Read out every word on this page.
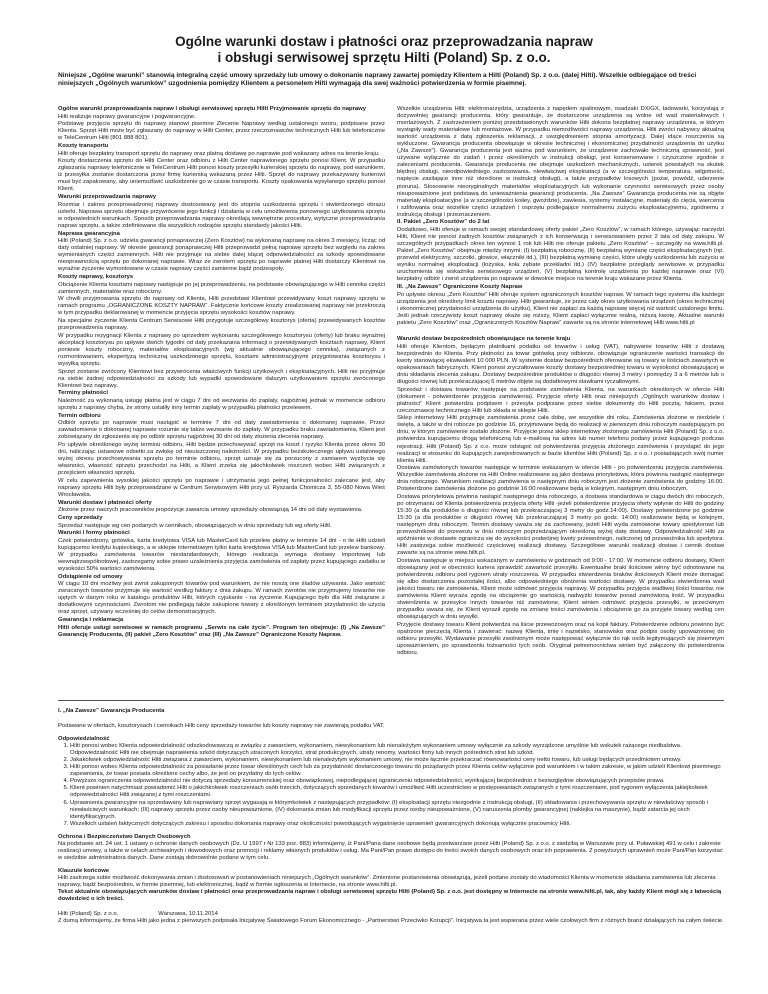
Ogólne warunki dostaw i płatności oraz przeprowadzania napraw
i obsługi serwisowej sprzętu Hilti (Poland) Sp. z o.o.
Niniejsze „Ogólne warunki” stanowią integralną część umowy sprzedaży lub umowy o dokonanie naprawy zawartej pomiędzy Klientem a Hilti (Poland) Sp. z o.o. (dalej Hilti). Wszelkie odbiegające od treści niniejszych „Ogólnych warunków” uzgodnienia pomiędzy Klientem a personelem Hilti wymagają dla swej ważności potwierdzenia w formie pisemnej.

Ogólne warunki przeprowadzania napraw i obsługi serwisowej sprzętu Hilti Przyjmowanie sprzętu do naprawy

Hilti realizuje naprawy gwarancyjne i pogwarancyjne.

Podstawę przyjęcia sprzętu do naprawy stanowi pisemne Zlecenie Naprawy według ustalonego wzoru, podpisane przez Klienta. Sprzęt Hilti może być zgłaszany do naprawy w Hilti Center, przez rzeczoznawców technicznych Hilti lub telefonicznie w TeleCentrum Hilti (801 888 801).

Koszty transportu

Hilti oferuje bezpłatny transport sprzętu do naprawy oraz płatną dostawę po naprawie pod wskazany adres na terenie kraju.

Koszty dostarczenia sprzętu do Hilti Center oraz odbioru z Hilti Center naprawionego sprzętu ponosi Klient. W przypadku zgłaszania naprawy telefonicznie w TeleCentrum Hilti ponosi koszty przesyłki kurierskiej sprzętu do naprawy, pod warunkiem, iż przesyłka zostanie dostarczona przez firmę kurierską wskazaną przez Hilti. Sprzęt do naprawy przekazywany kurierowi musi być zapakowany, aby uniemożliwić uszkodzenie go w czasie transportu. Koszty opakowania wysyłanego sprzętu ponosi Klient.

Warunki przeprowadzania naprawy

Rozmiar i zakres przeprowadzonej naprawy dostosowany jest do stopnia uszkodzenia sprzętu i stwierdzonego obrazu usterki. Naprawa sprzętu obejmuje przywrócenie jego funkcji i działania w celu umożliwienia ponownego użytkowania sprzętu w odpowiednich warunkach. Sposób przeprowadzania naprawy określają wewnętrzne procedury, wytyczne przeprowadzania napraw sprzętu, a także zdefiniowane dla wszystkich rodzajów sprzętu standardy jakości Hilti.

Naprawa gwarancyjna

Hilti (Poland) Sp. z o.o. udziela gwarancji ponaprawczej (Zero Kosztów) na wykonaną naprawę na okres 3 miesięcy, licząc od daty ostatniej naprawy. W okresie gwarancji ponaprawczej Hilti przeprowadzi pełną naprawę sprzętu bez względu na zakres wymienianych części zamiennych. Hilti nie przyjmuje na siebie dalej idącej odpowiedzialności za szkody spowodowane nieoprawnością sprzętu po dokonanej naprawie. Wraz ze zwrotem sprzętu po naprawie platnej Hilti dostarczy Klientowi na wyraźne życzenie wymontowane w czasie naprawy części zamienne bądź podzespoły.

Koszty naprawy, kosztorys

Obciążenie Klienta kosztami naprawy następuje po jej przeprowadzeniu, na podstawie obowiązującego w Hilti cennika części zamiennych, materiałów oraz robocizny.

W chwili przyjmowania sprzętu do naprawy od Klienta, Hilti przedstawi Klientowi przewidywany koszt naprawy sprzętu w ramach programu „OGRANICZONE KOSZTY NAPRAW”. Faktycznie końcowe koszty zrealizowanej naprawy nie przekroczą w tym przypadku deklarowanej w momencie przyjęcia sprzętu wysokości kosztów naprawy.

Na specjalne życzenie Klienta Centrum Serwisowe Hilti przygotuje szczegółowy kosztorys (oferta) przewidywanych kosztów przeprowadzenia naprawy.

W przypadku rezygnacji Klienta z naprawy po uprzednim wykonaniu szczegółowego kosztorysu (oferty) lub braku wyraźnej akceptacji kosztorysu po upływie dwóch tygodni od daty przekazania informacji o przewidywanych kosztach naprawy, Klient poniesie koszty robocizny, materiałów eksploatacyjnych (wg aktualnie obowiązującego cennika), związanych z rozmontowaniem, ekspertyzą techniczną uszkodzonego sprzętu, kosztami administracyjnymi przygotowania kosztorysu i wysyłką sprzętu.

Sprzęt zostanie zwrócony Klientowi bez przywrócenia właściwych funkcji użytkowych i eksploatacyjnych. Hilti nie przyjmuje na siebie żadnej odpowiedzialności za szkody lub wypadki spowodowane dalszym użytkowaniem sprzętu zwróconego Klientowi bez naprawy.

Terminy płatności

Należność za wykonaną usługę płatna jest w ciągu 7 dni od wezwania do zapłaty, najpóźniej jednak w momencie odbioru sprzętu z naprawy chyba, że strony ustaliły inny termin zapłaty w przypadku płatności przelewem.

Termin odbioru

Odbiór sprzętu po naprawie musi nastąpić w terminie 7 dni od daty zawiadomienia o dokonanej naprawie. Przez zawiadomienie o dokonanej naprawie rozumie się także wezwanie do zapłaty. W przypadku braku zawiadomienia, Klient jest zobowiązany do zgłoszenia się po odbiór sprzętu najpóźniej 30 dni od daty złożenia zlecenia naprawy.

Po upływie określonego wyżej terminu odbioru, Hilti będzie przechowywać sprzęt na koszt i ryzyko Klienta przez okres 30 dni, naliczając ustawowe odsetki za zwłokę od nieuiszczonej należności. W przypadku bezskutecznego upływu ustalonego wyżej okresu przechowywania sprzętu po terminie odbioru, sprzęt uznaje się za porzucony z zamiarem wyzbycia się własności, własność sprzętu przechodzi na Hilti, a Klient zrzeka się jakichkolwiek roszczeń wobec Hilti związanych z przejściem własności sprzętu.

W celu zapewnienia wysokiej jakości sprzętu po naprawie i utrzymania jego pełnej funkcjonalności zalecane jest, aby naprawy sprzętu Hilti były przeprowadzane w Centrum Serwisowym Hilti przy ul. Ryszarda Chomicza 3, 55-080 Nowa Wieś Wrocławska.

Warunki dostaw i płatności oferty

Złożone przez naszych pracowników propozycje zawarcia umowy sprzedaży obowiązują 14 dni od daty wystawienia.

Ceny sprzedaży

Sprzedaż następuje wg cen podanych w cennikach, obowiązujących w dniu sprzedaży lub wg oferty Hilti.

Warunki i formy płatności

Czek potwierdzony, gotówka, karta kredytowa VISA lub MasterCard lub przelew płatny w terminie 14 dni - o ile Hilti udzieli kupującemu kredytu kupieckiego, a w sklepie internetowym tylko karta kredytowa VISA lub MasterCard lub przelew bankowy. W przypadku zamówienia towarów niestandardowych, którego realizacja wymaga dostawy importowej lub wewnątrzwspólnotowej, zastrzegamy sobie prawo uzależnienia przyjęcia zamówienia od zapłaty przez kupującego zadatku w wysokości 50% wartości zamówienia.

Odstąpienie od umowy

W ciągu 10 dni możliwy jest zwrot zakupionych towarów pod warunkiem, że nie noszą one śladów używania. Jako wartość zwracanych towarów przyjmuje się wartość według faktury z dnia zakupu. W ramach zwrotów nie przyjmujemy towarów nie ujętych w danym roku w katalogu produktów Hilti, których cyjukanie - na życzenie Kupującego było dla Hilti związane z dodatkowymi czynnościami. Zwrotom nie podlegają także zakupione towary z określonym terminem przydatności do użycia oraz sprzęt, używany wcześniej do celów demonstracyjnych.

Gwarancja i reklamacja

Hilti oferuje usługi serwisowe w ramach programu „Serwis na całe życie”. Program ten obejmuje: (I) „Na Zawsze” Gwarancję Producenta, (II) pakiet „Zero Kosztów” oraz (III) „Na Zawsze” Ograniczone Koszty Napraw.

Wszelkie urządzenia Hilti: elektronarzędzia, urządzenia z napędem spalinowym, osadzaki DX/GX, ładowarki, korzystają z dożywotniej gwarancji producenta, który gwarantuje, że dostarczone urządzenia są wolne od wad materiałowych i montażowych. Z zastrzeżeniem poniżej przedstawionych warunków Hilti dokona bezpłatnej naprawy urządzenia, w którym wystąpiły wady materiałowe lub montażowe. W przypadku niemożliwości naprawy urządzenia, Hilti zwróci nabywcy aktualną wartość urządzenia z datą zgłoszenia reklamacji, z uwzględnieniem stopnia amortyzacji. Dalej idące roszczenia są wykluczone. Gwarancja producenta obowiązuje w okresie technicznej i ekonomicznej przydatności urządzenia do użytku („Na Zawsze”). Gwarancja producenta jest ważna pod warunkiem, że urządzenie zachowało techniczną sprawność, jest używane wyłącznie do zadań i przez określonych w instrukcji obsługi, jest konserwowane i czyszczone zgodnie z zaleceniami producenta. Gwarancja producenta nie obejmuje uszkodzeń mechanicznych, usterek powstałych na skutek błędnej obsługi, nieodpowiedniego zastosowania, niewłaściwej eksploatacji (a w szczególności temperatura, wilgotność, napięcie zasilające inne niż określone w instrukcji obsługi), a także przypadków losowych (pożar, powódź, uderzenie pioruna). Stosowanie nieoryginalnych materiałów eksploatacyjnych lub wykonanie czynności serwisowych przez osoby nieupoważnione jest podstawą do unieważnienia gwarancji producenta. „Na Zawsze” Gwarancja producenta nie są objęte materiały eksploatacyjne (a w szczególności koiłey, gwoździe), zawiesia, systemy instalacyjne, materiały do cięcia, wiercenia i szlifowania oraz wszelkie części urządzeń i osprzętu podlegające normalnemu zużyciu eksploatacyjnemu, zgodnemu z instrukcją obsługi i przeznaczeniem.

II. Pakiet „Zero Kosztów” do 2 lat

Dodatkowo, Hilti oferuje w ramach swojej standardowej oferty pakiet „Zero Kosztów”, w ramach którego, używając narzędzi Hilti, Klient nie ponosi żadnych kosztów związanych z ich konserwacją i serwisowaniem przez 2 lata od daty zakupu. W szczególnych przypadkach okres ten wynosi 1 rok lub Hilti nie oferuje pakietu „Zero Kosztów” – szczegóły na www.hilti.pl. Pakiet „Zero Kosztów” obejmuje między innymi: (I) bezpłatną robociznę, (II) bezpłatną wymianę części eksploatacyjnych (np. przewód elektryczny, szczotki, głowice, włączniki itd.), (III) bezpłatną wymianę części, które uległy uszkodzeniu lub zużyciu w wyniku normalnej eksploatacji (łożyska, koła zębate przekładni itd.) (IV) bezpłatne przeglądy serwisowe w przypadku uruchomienia się wskaźnika serwisowego urządzeń, (V) bezpłatną kontrolę urządzenia po każdej naprawie oraz (VI) bezpłatny odbiór i zwrot urządzenia po naprawie w dowolnie miejsce na terenie kraju wskazane przez Klienta.

III. „Na Zawsze” Ograniczone Koszty Napraw

Po upływie okresu „Zero Kosztów” Hilti oferuje system ograniczonych kosztów napraw. W ramach tego systemu dla każdego urządzenia jest określony limit kosztu naprawy. Hilti gwarantuje, że przez cały okres użytkowania urządzeń (okres technicznej i ekonomicznej przydatności urządzenia do użytku), Klient nie zapłaci za każdą naprawę więcej niż wartość ustalonego limitu. Jeśli jednak rzeczywisty koszt naprawy okaże się niższy, Klient zapłaci wyłącznie realną, niższą kwotę. Aktualne warunki pakietu „Zero Kosztów” oraz „Ograniczonych Kosztów Napraw” zawarte są na stronie internetowej Hilti www.hilti.pl

Warunki dostaw bezpośrednich obowiązujące na terenie kraju

Hilti oferuje Klientom, będącym płatnikami podatku od towarów i usług (VAT), nabywanie towarów Hilti z dostawą bezpośrednio do Klienta. Przy płatności za towar gotówką przy odbiorze, obowiązuje ograniczenie wartości transakcji do kwoty stanowiącej ekwiwalent 10 000 PLN. W systemie dostaw bezpośrednich oferowane są towary w ilościach zawartych w opakowaniach fabrycznych. Klient ponosi zryczałtowane koszty dostawy bezpośredniej towaru w wysokości obowiązującej w dniu składania zlecenia zakupu. Dostawy bezpośrednie produktów o długości równej 3 metry i pomiędzy 3 a 6 metrów lub o długości równej lub przekraczającej 6 metrów objęte są dodatkowymi stawkami ryczałtowymi.

Sprzedaż i dostawa towarów następuje na podstawie zamówienia Klienta, na warunkach określonych w ofercie Hilti (dokument - potwierdzenie przyjęcia zamówienia). Przyjęcie oferty Hilti oraz niniejszych „Ogólnych warunków dostaw i płatności” Klient potwierdza podpisem i przesyła podpisane przez siebie dokumenty do Hilti pocztą, faksem, przez rzeczoznawcę technicznego Hilti lub składa w sklepie Hilti.

Sklep internetowy Hilti przyjmuje zamówienia przez cała dobę, we wszystkie dni roku. Zamówienia złożone w niedziele i święta, a także w dni robocze po godzinie 16, przyjmowane będą do realizacji w pierwszym dniu roboczym następującym po dniu, w którym zamówienie zostało złożone. Przyjęcie przez sklep internetowy złożonego zamówienia Hilti (Poland) Sp. z o.o. potwierdza kupującemu drogą telefoniczną lub e-mailową na adres lub numer telefonu podany przez kupującego podczas rejestracji. Hilti (Poland) Sp. z o.o. może odstąpić od potwierdzenia przyjęcia złożonego zamówienia i przystąpić do jego realizacji w stosunku do kupujących zarejestrowanych w bazie klientów Hilti (Poland) Sp. z o.o. i posiadających swój numer klienta Hilti.

Dostawa zamówionych towarów następuje w terminie wskazanym w ofercie Hilti - po potwierdzeniu przyjęcia zamówienia. Wszystkie zamówienia złożone na Hilti Online realizowane są jako dostawa priorytetowa, która powinna nastąpić następnego dnia roboczego. Warunkiem realizacji zamówienia w następnym dniu roboczym jest złożenie zamówienia do godziny 16:00. Potwierdzone zamówienia złożone po godzinie 16:00 realizowane będą w kolejnym, następnym dniu roboczym.

Dostawa priorytetowa powinna nastąpić następnego dnia roboczego, a dostawa standardowa w ciągu dwóch dni roboczych, po otrzymaniu od Klienta potwierdzenia przyjęcia oferty Hilti -jeżeli potwierdzenie przyjęcia oferty wpłynie do Hilti do godziny 15:30 (a dla produktów o długości równej lub przekraczającej 3 metry do godz.14:00). Dostawy potwierdzone po godzinie 15:30 (a dla produktów o długości równej lub przekraczającej 3 metry po godz. 14:00) realizowane będą w kolejnym, następnym dniu roboczym. Termin dostawy uważa się za zachowany, jeżeli Hilti wyda zamówione towary spedytorowi lub przewoźnikowi do przewozu w dniu roboczym poprzedzającym określoną wyżej datę dostawy. Odpowiedzialność Hilti za opóźnienie w dostawie ogranicza się do wysokości podwójnej kwoty przewoźnego, naliczonej od przewoźnika lub spedytora. Hilti zastrzega sobie możliwość częściowej realizacji dostawy. Szczegółowe warunki realizacji dostaw i cennik dostaw zawarte są na stronie www.hilti.pl.

Dostawa następuje w miejscu wskazanym w zamówieniu w godzinach od 9:00 - 17:00. W momencie odbioru dostawy, Klient obowiązany jest w obecności kuriera sprawdzić zawartość przesyłki. Ewentualne braki ilościowe winny być odnotowane na potwierdzeniu odbioru pod rygorem utraty roszczenia. W przypadku stwierdzenia braków ilościowych Klient może domagać się albo dostarczenia pozostałej ilości, albo odpowiedniego obniżenia wartości dostawy. W przypadku stwierdzenia wad jakości towaru nie zamówienia, Klient może odmówić przyjęcia naprawy. W przypadku przyjęcia wadliwej ilości towarów, nie zamówienia Klient wyraża zgodę na obciążenie go wartością nadwyżki towarów ponad zamówioną ilość. W przypadku stwierdzenia w przesyłce innych towarów niż zamówione, Klient winien odmówić przyjęcia przesyłki, w przeciwnym przypadku uważa się, że Klient wyraził zgodę na zmianę treści zamówienia i obciążenie go za przyjęte towary według cen obowiązujących w dniu wysyłki.

Przyjęcie dostawy towaru Klient potwierdza na liście przewozowym oraz na kopii faktury. Potwierdzenie odbioru powinno być opatrzone pieczęcią Klienta i zawierać: nazwę Klienta, imię i nazwisko, stanowisko oraz podpis osoby upoważnionej do odbioru przesyłki. Wydawanie przesyłki zwolnionym może następować wyłącznie do rąk osób legitymujących się pisemnym upoważnieniem, po sprawdzeniu tożsamości tych osób. Oryginał pełnomocnictwa winien być załączony do potwierdzenia odbioru.

I. „Na Zawsze” Gwarancja Producenta

Podawane w ofertach, kosztorysach i cennikach Hilti ceny sprzedaży towarów lub koszty naprawy nie zawierają podatku VAT.

Odpowiedzialność

1. Hilti ponosi wobec Klienta odpowiedzialność odszkodowawczą w związku z zawarciem, wykonaniem, niewykonaniem lub nienależytym wykonaniem umowy wyłącznie za szkody wyrządzone umyślnie lub wskutek rażącego niedbalstwa. Odpowiedzialność Hilti nie obejmuje naprawienia szkód dotyczących utraconych korzyści, strat produkcyjnych, utraty renomy, wartości firmy lub innych pośrednich strat lub szkód.
2. Jakakolwiek odpowiedzialność Hilti związana z zawarciem, wykonaniem, niewykonaniem lub nienależytym wykonaniem umowy, nie może łącznie przekraczać równowartości ceny netto towaru, lub usługi będących przedmiotem umowy.
3. Hilti ponosi wobec Klienta odpowiedzialność za posiadanie przez towar określonych cech lub za przydatność dostarczonego towaru do pożądanych przez Klienta celów wyłącznie pod warunkiem i w takim zakresie, w jakim udzieli Klientowi pisemnego zapewnienia, że towar posiada określone cechy albo, że jest on przydatny do tych celów.
4. Powyższe ograniczenia odpowiedzialności nie dotyczą sprzedaży konsumenckiej oraz obowiązkowej, niepodlegającej ograniczeniu odpowiedzialności, wynikającej bezpośrednio z bezwzględnie obowiązujących przepisów prawa.
5. Klient powinien natychmiast powiadomić Hilti o jakichkolwiek roszczeniach osób trzecich, dotyczących sprzedanych towarów i umożliwić Hilti uczestnictwo w postępowaniach związanych z tymi roszczeniami, pod rygorem wyłączenia jakiejkolwiek odpowiedzialności Hilti związanej z tymi roszczeniami.
6. Uprawnienia gwarancyjne na sprzedawany lub naprawiany sprzęt wygasają w którymkolwiek z następujących przypadków: (I) eksploatacji sprzętu niezgodnie z instrukcją obsługi, (II) składowania i przechowywania sprzętu w niewłaściwy sposób i niewłaściwych warunkach; (III) naprawy sprzętu przez osoby nieupoważnione, (IV) dokonania zmian lub modyfikacji sprzętu przez osoby nieupoważnione, (V) naruszenia plomby gwarancyjnej (naklejka na maszynie), bądź zatarcia jej cech identyfikacyjnych.
7. Wszelkich ustaleń faktycznych dotyczących zakresu i sposobu dokonania naprawy oraz okoliczności powodujących wygaśnięcie uprawnień gwarancyjnych dokonują wyłącznie pracownicy Hilti.

Ochrona i Bezpieczeństwo Danych Osobowych

Na podstawie art. 24 ust. 1 ustawy o ochronie danych osobowych (Dz. U 1997 r Nr 133 poz. 883) informujemy, iż Pani/Pana dane osobowe będą przetwarzane przez Hilti (Poland) Sp. z o.o. z siedzibą w Warszawie przy ul. Puławskiej 491 w celu i zakresie realizacji umowy, a także w celach archiwalnych i dowodowych oraz promocji i reklamy własnych produktów i usług. Ma Pani/Pan prawo dostępu do treści swoich danych osobowych oraz ich poprawienia. Z powyższych uprawnień może Pani/Pan korzystać w siedzibie administratora danych. Dane zostają dobrowolnie podane w tym celu.

Klauzule końcowe

Hilti zastrzega sobie możliwość dokonywania zmian i dostosowań w postanowieniach niniejszych „Ogólnych warunków”. Zmienione postanowienia obowiązują, jeżeli podane zostały do wiadomości Klienta w momencie składania zamówienia lub zlecenia naprawy, bądź bezpośrednio, w formie pisemnej, lub elektronicznej, bądź w formie ogłoszenia w Internecie, na stronie www.hilti.pl.

Tekst aktualnie obowiązujących warunków dostaw i płatności oraz przeprowadzania napraw i obsługi serwisowej sprzętu Hilti (Poland) Sp. z o.o. jest dostępny w Internecie na stronie www.hilti.pl, tak, aby każdy Klient mógł się z łatwością dowiedzieć o ich treści.

Hilti (Poland) Sp. z o.o.	Warszawa, 10.11.2014

Z dumą informujemy, że firma Hilti jako jedna z pierwszych podpisała Inicjatywę Światowego Forum Ekonomicznego - „Partnerstwo Przeciwko Korupcji”. Inicjatywa ta jest wspierana przez wiele czołowych firm z różnych branż działających na całym świecie.
